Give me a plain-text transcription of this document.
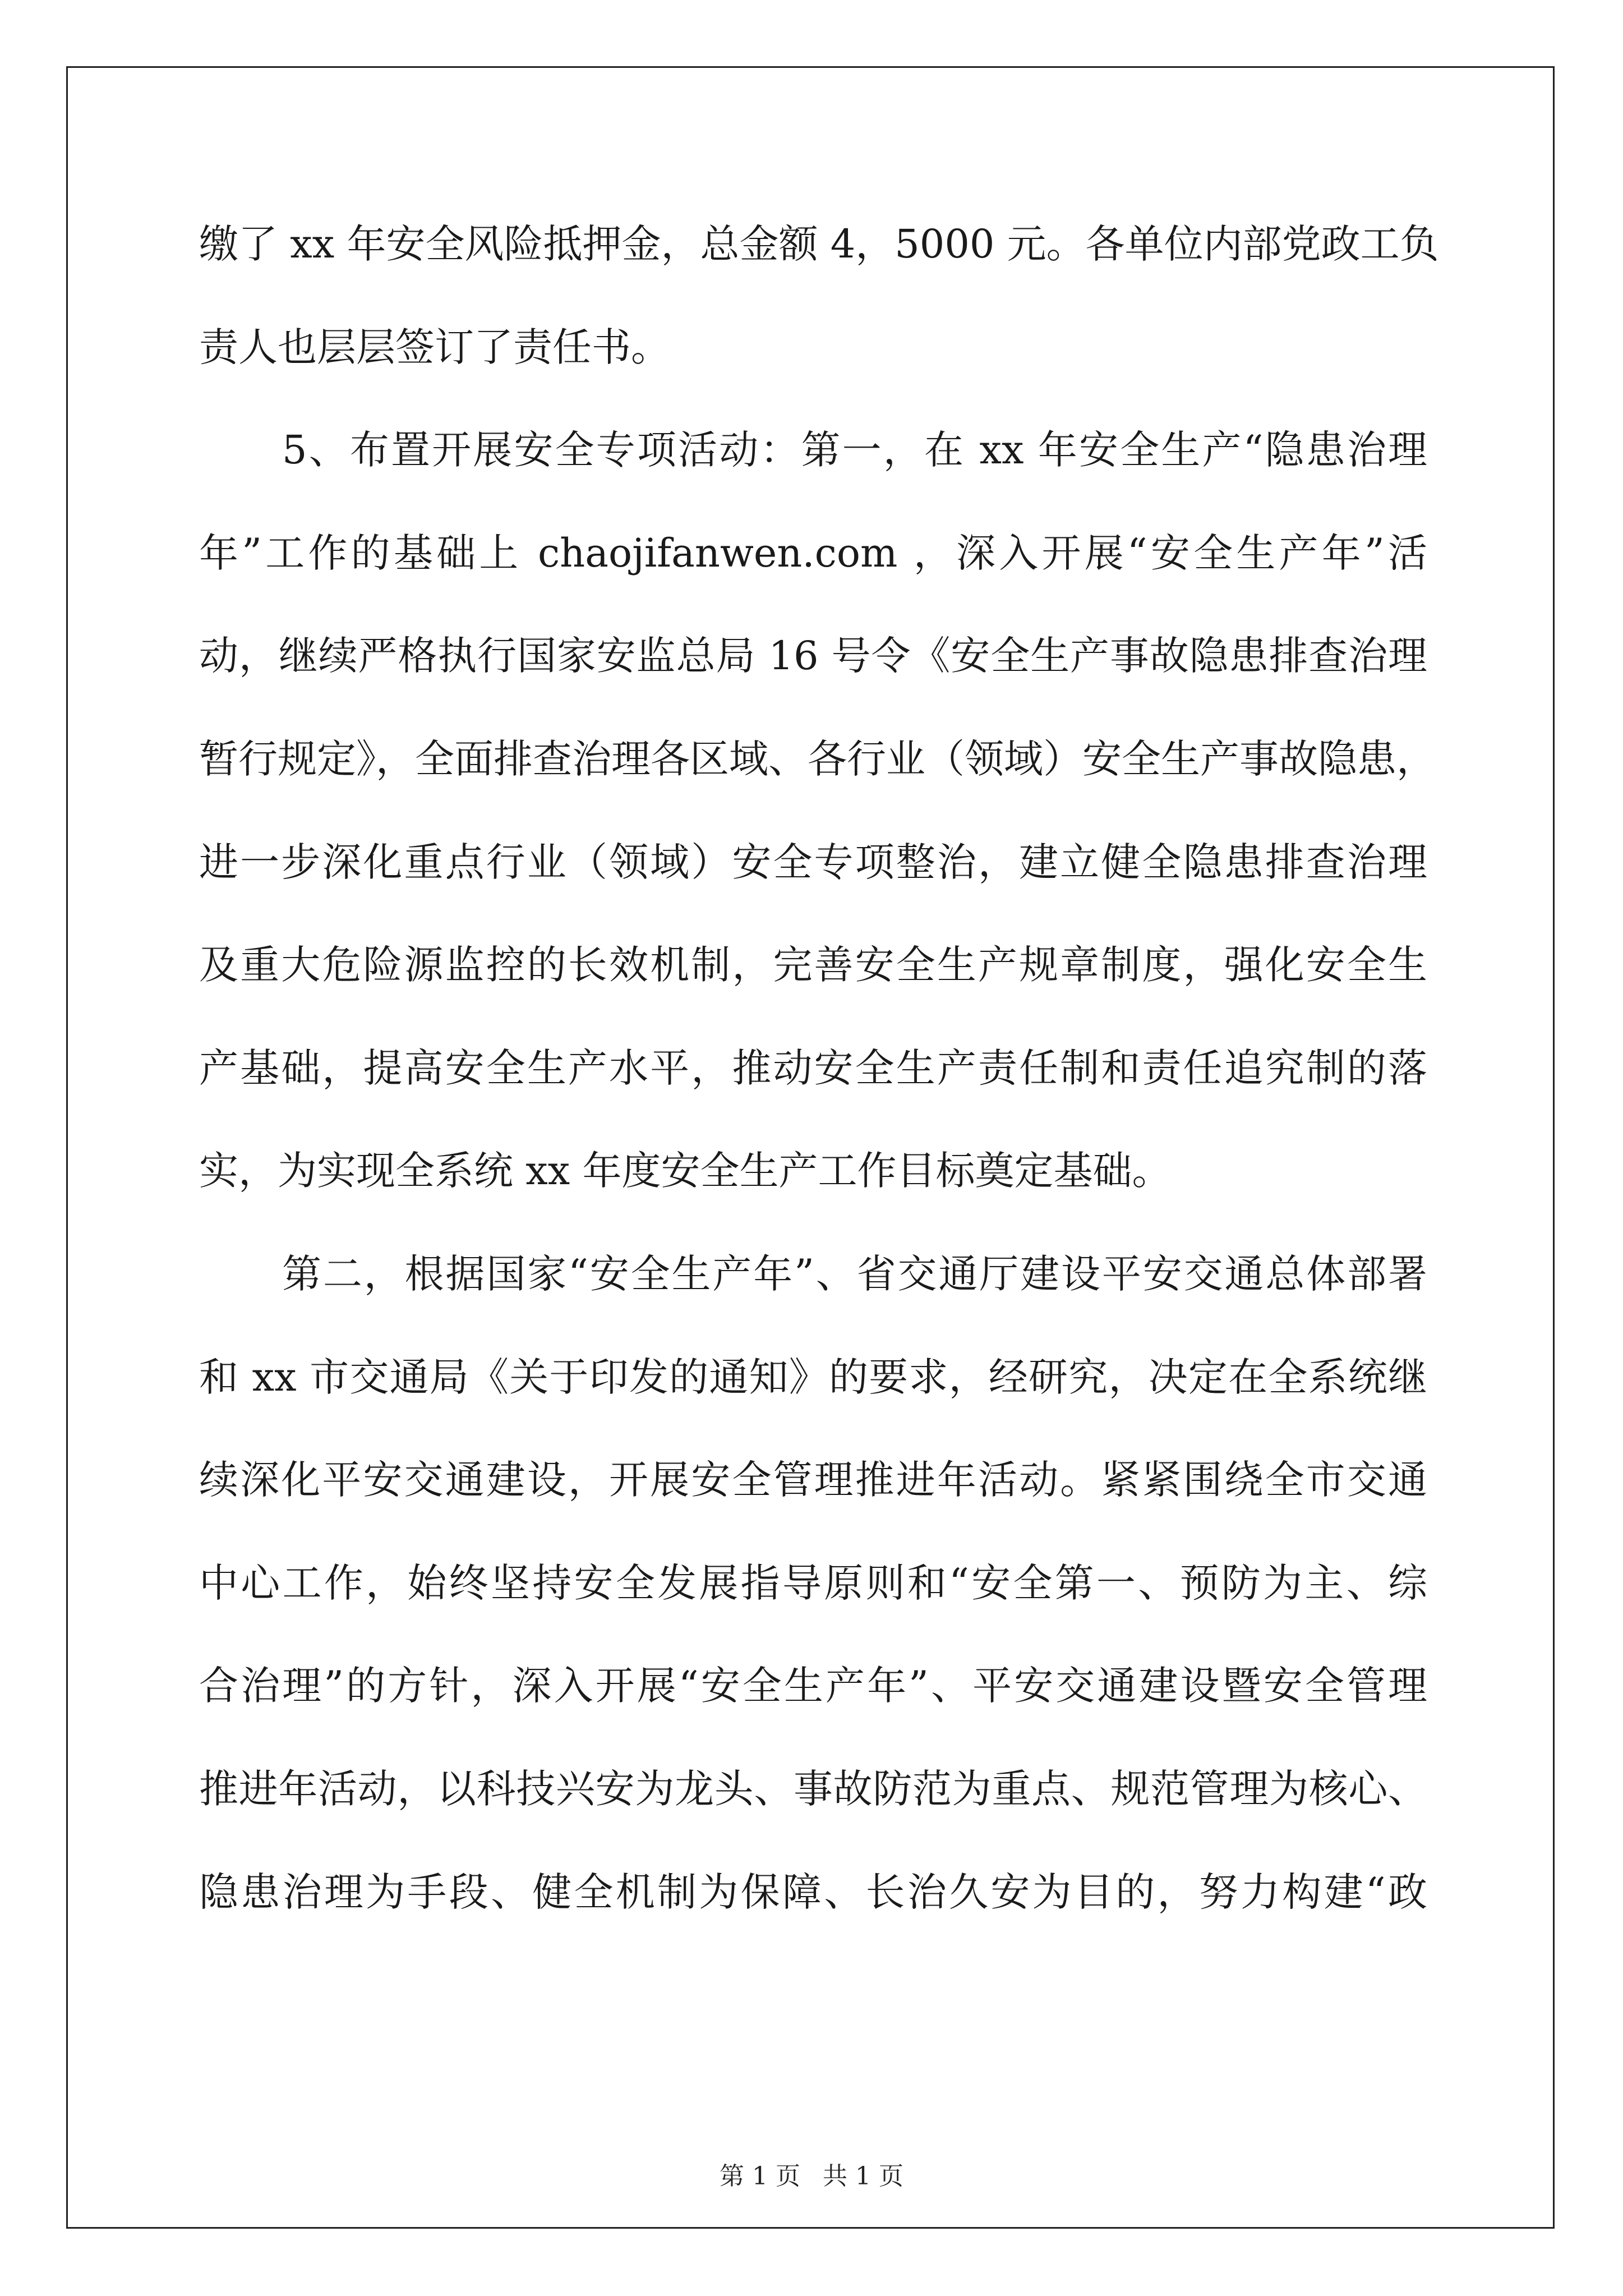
缴了 xx 年安全风险抵押金，总金额 4，5000 元。各单位内部党政工负
责人也层层签订了责任书。
5、布置开展安全专项活动：第一，在 xx 年安全生产“隐患治理
年”工作的基础上 chaojifanwen.com ，深入开展“安全生产年”活
动，继续严格执行国家安监总局 16 号令《安全生产事故隐患排查治理
暂行规定》，全面排查治理各区域、各行业（领域）安全生产事故隐患，
进一步深化重点行业（领域）安全专项整治，建立健全隐患排查治理
及重大危险源监控的长效机制，完善安全生产规章制度，强化安全生
产基础，提高安全生产水平，推动安全生产责任制和责任追究制的落
实，为实现全系统 xx 年度安全生产工作目标奠定基础。
第二，根据国家“安全生产年”、省交通厅建设平安交通总体部署
和 xx 市交通局《关于印发的通知》的要求，经研究，决定在全系统继
续深化平安交通建设，开展安全管理推进年活动。紧紧围绕全市交通
中心工作，始终坚持安全发展指导原则和“安全第一、预防为主、综
合治理”的方针，深入开展“安全生产年”、平安交通建设暨安全管理
推进年活动，以科技兴安为龙头、事故防范为重点、规范管理为核心、
隐患治理为手段、健全机制为保障、长治久安为目的，努力构建“政
第 1 页 共 1 页
